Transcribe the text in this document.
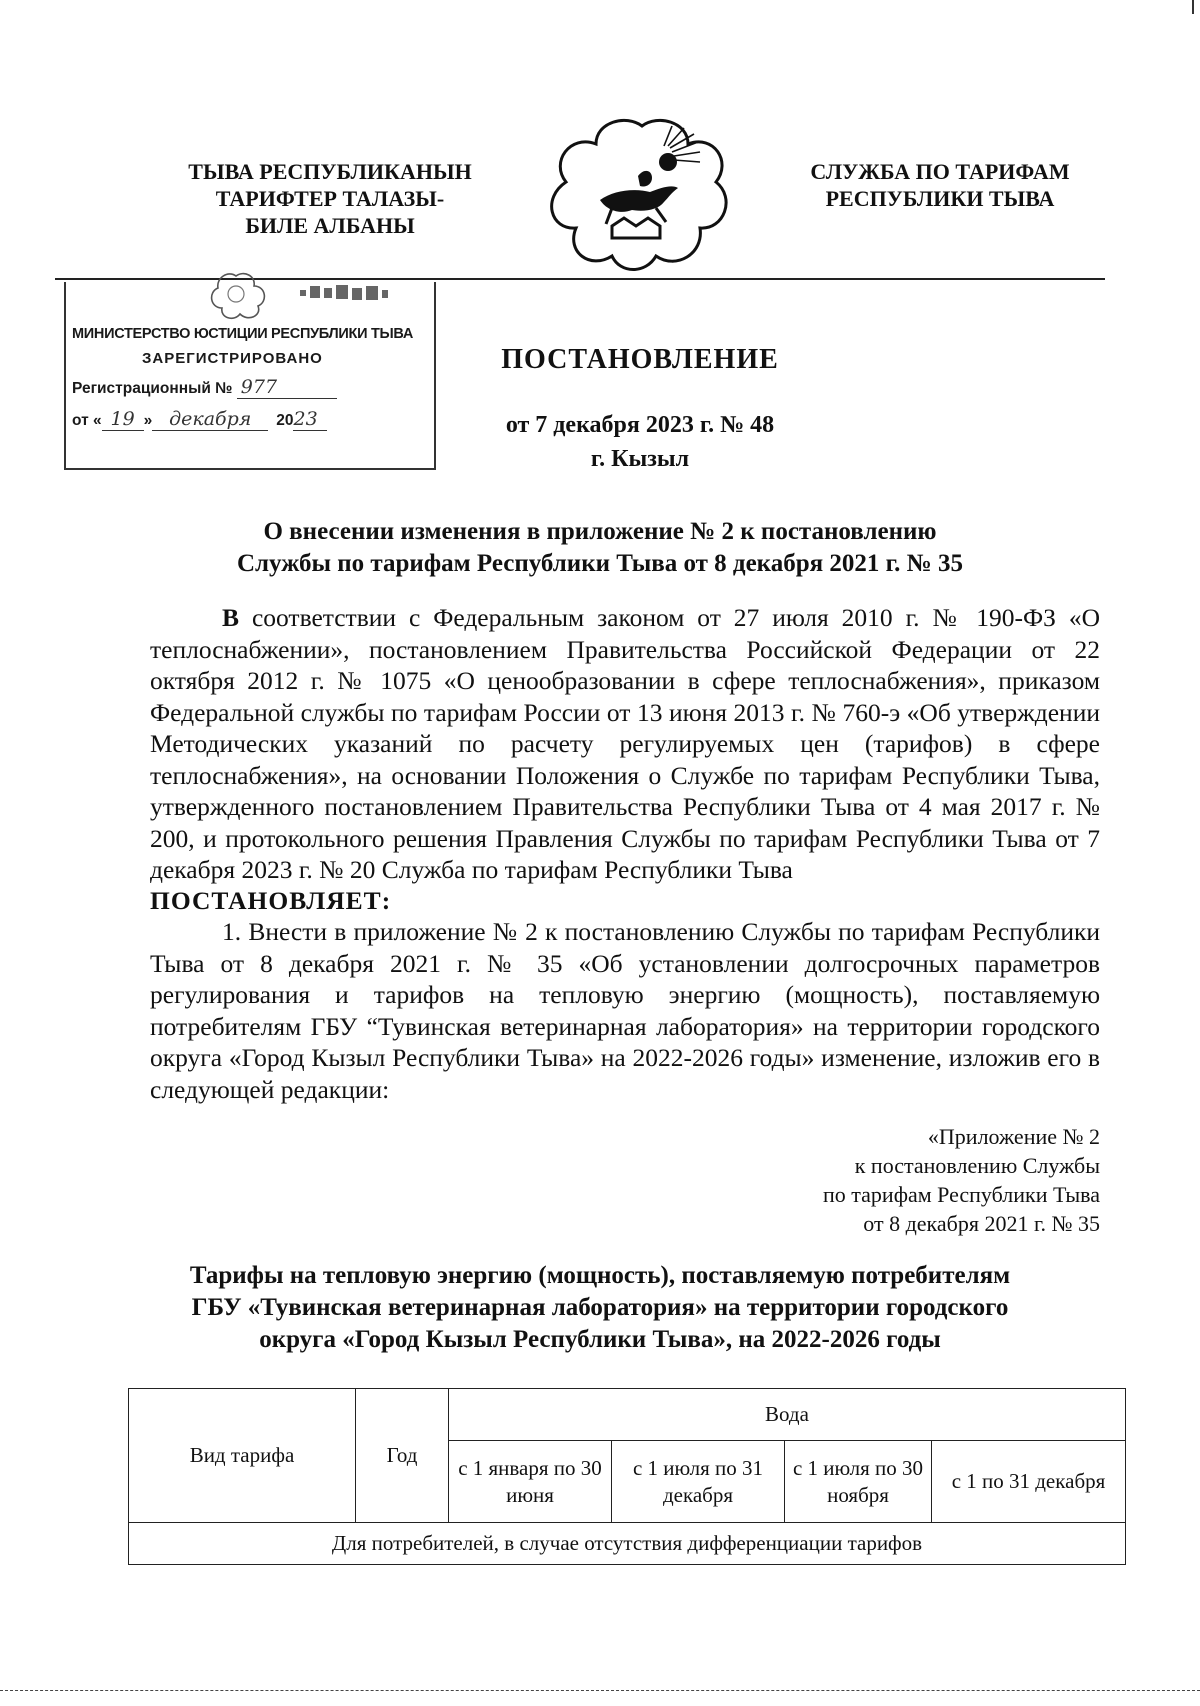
ТЫВА РЕСПУБЛИКАНЫН
ТАРИФТЕР ТАЛАЗЫ-
БИЛЕ АЛБАНЫ
СЛУЖБА ПО ТАРИФАМ
РЕСПУБЛИКИ ТЫВА
МИНИСТЕРСТВО ЮСТИЦИИ РЕСПУБЛИКИ ТЫВА
ЗАРЕГИСТРИРОВАНО
Регистрационный № 977
от « 19 » декабря 2023
ПОСТАНОВЛЕНИЕ
от 7 декабря 2023 г. № 48
г. Кызыл
О внесении изменения в приложение № 2 к постановлению
Службы по тарифам Республики Тыва от 8 декабря 2021 г. № 35
В соответствии с Федеральным законом от 27 июля 2010 г. № 190-ФЗ «О теплоснабжении», постановлением Правительства Российской Федерации от 22 октября 2012 г. № 1075 «О ценообразовании в сфере теплоснабжения», приказом Федеральной службы по тарифам России от 13 июня 2013 г. № 760-э «Об утверждении Методических указаний по расчету регулируемых цен (тарифов) в сфере теплоснабжения», на основании Положения о Службе по тарифам Республики Тыва, утвержденного постановлением Правительства Республики Тыва от 4 мая 2017 г. № 200, и протокольного решения Правления Службы по тарифам Республики Тыва от 7 декабря 2023 г. № 20 Служба по тарифам Республики Тыва
ПОСТАНОВЛЯЕТ:
1. Внести в приложение № 2 к постановлению Службы по тарифам Республики Тыва от 8 декабря 2021 г. № 35 «Об установлении долгосрочных параметров регулирования и тарифов на тепловую энергию (мощность), поставляемую потребителям ГБУ “Тувинская ветеринарная лаборатория» на территории городского округа «Город Кызыл Республики Тыва» на 2022-2026 годы» изменение, изложив его в следующей редакции:
«Приложение № 2
к постановлению Службы
по тарифам Республики Тыва
от 8 декабря 2021 г. № 35
Тарифы на тепловую энергию (мощность), поставляемую потребителям
ГБУ «Тувинская ветеринарная лаборатория» на территории городского
округа «Город Кызыл Республики Тыва», на 2022-2026 годы
Вид тарифа	Год	Вода			
		с 1 января по 30 июня	с 1 июля по 31 декабря	с 1 июля по 30 ноября	с 1 по 31 декабря
Для потребителей, в случае отсутствия дифференциации тарифов					
